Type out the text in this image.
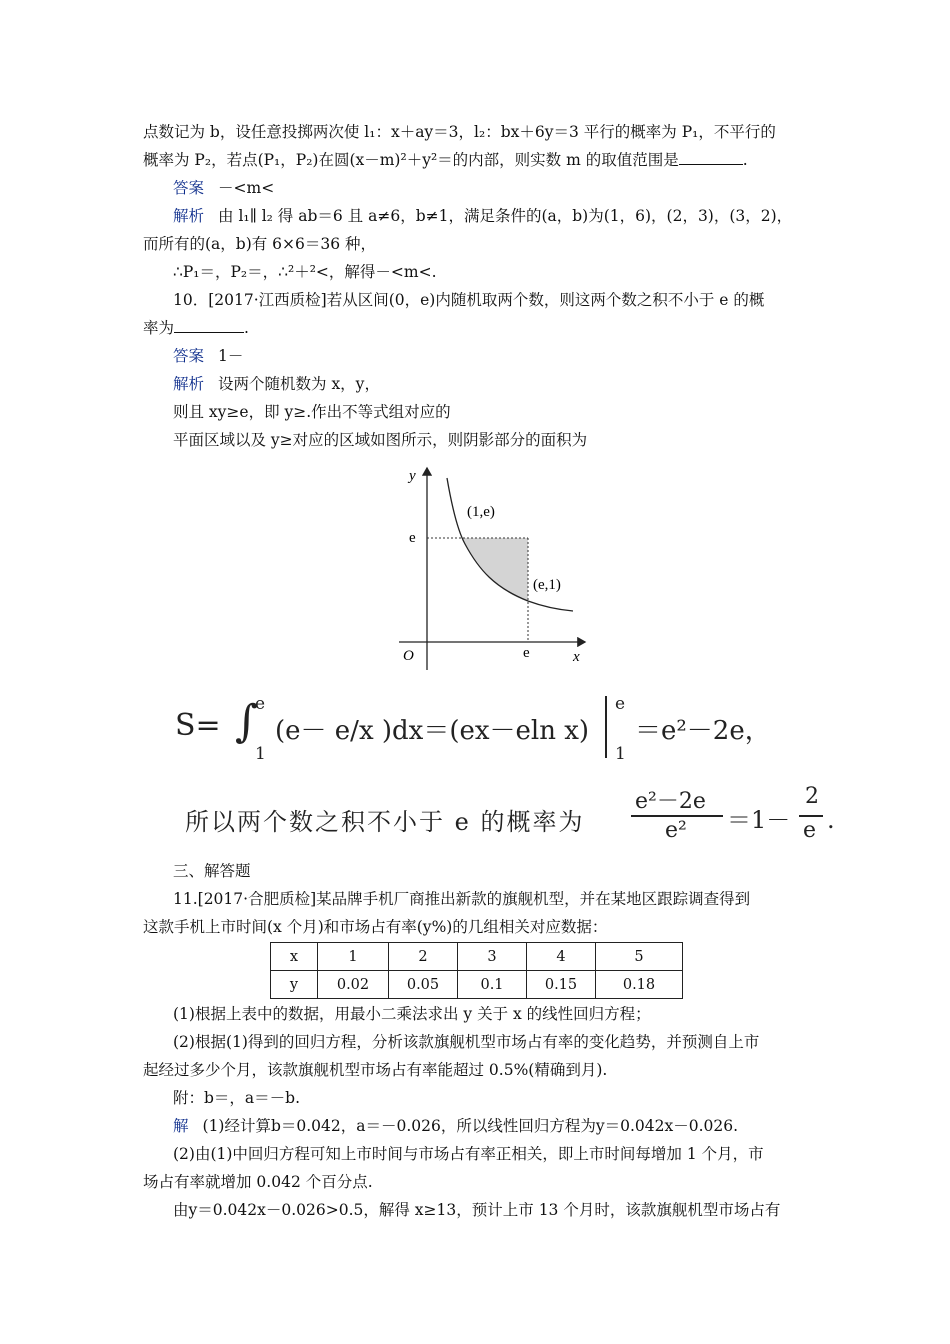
点数记为 b，设任意投掷两次使 l₁：x＋ay＝3，l₂：bx＋6y＝3 平行的概率为 P₁，不平行的
概率为 P₂，若点(P₁，P₂)在圆(x－m)²＋y²＝的内部，则实数 m 的取值范围是	.
答案 －<m<
解析 由 l₁∥ l₂ 得 ab＝6 且 a≠6，b≠1，满足条件的(a，b)为(1，6)，(2，3)，(3，2)，
而所有的(a，b)有 6×6＝36 种，
∴P₁＝，P₂＝，∴²＋²<，解得－<m<.
10．[2017·江西质检]若从区间(0，e)内随机取两个数，则这两个数之积不小于 e 的概
率为	.
答案 1－
解析 设两个随机数为 x，y，
则且 xy≥e，即 y≥.作出不等式组对应的
平面区域以及 y≥对应的区域如图所示，则阴影部分的面积为
y
x
O
e
e
(1,e)
(e,1)
S= ∫
e
1
(e－ e/x )dx＝(ex－eln x)
e
1
＝e²－2e，
所以两个数之积不小于 e 的概率为
e²－2e
e² ＝1－
2
e .
三、解答题
11.[2017·合肥质检]某品牌手机厂商推出新款的旗舰机型，并在某地区跟踪调查得到
这款手机上市时间(x 个月)和市场占有率(y%)的几组相关对应数据：
x	1	2	3	4	5
y	0.02	0.05	0.1	0.15	0.18
(1)根据上表中的数据，用最小二乘法求出 y 关于 x 的线性回归方程；
(2)根据(1)得到的回归方程，分析该款旗舰机型市场占有率的变化趋势，并预测自上市
起经过多少个月，该款旗舰机型市场占有率能超过 0.5%(精确到月).
附：b＝，a＝－b.
解 (1)经计算b＝0.042，a＝－0.026，所以线性回归方程为y＝0.042x－0.026.
(2)由(1)中回归方程可知上市时间与市场占有率正相关，即上市时间每增加 1 个月，市
场占有率就增加 0.042 个百分点.
由y＝0.042x－0.026>0.5，解得 x≥13，预计上市 13 个月时，该款旗舰机型市场占有
